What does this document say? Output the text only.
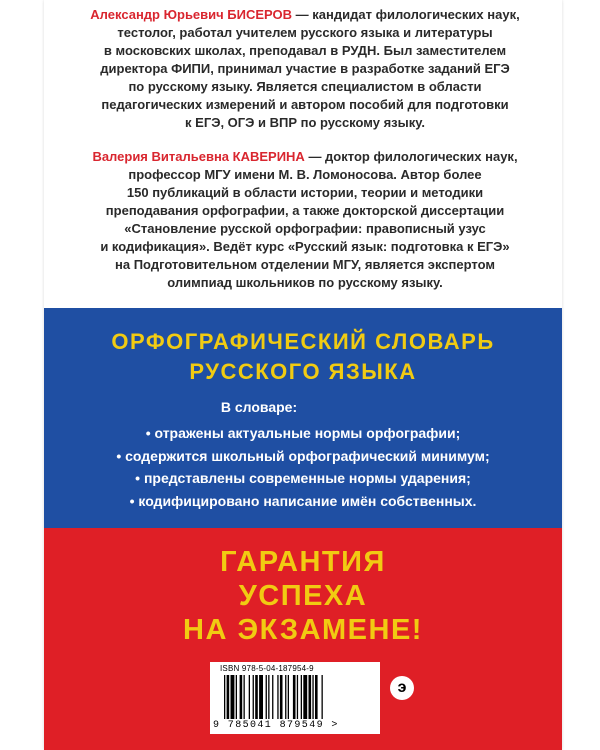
Александр Юрьевич БИСЕРОВ — кандидат филологических наук,
тестолог, работал учителем русского языка и литературы
в московских школах, преподавал в РУДН. Был заместителем
директора ФИПИ, принимал участие в разработке заданий ЕГЭ
по русскому языку. Является специалистом в области
педагогических измерений и автором пособий для подготовки
к ЕГЭ, ОГЭ и ВПР по русскому языку.
Валерия Витальевна КАВЕРИНА — доктор филологических наук,
профессор МГУ имени М. В. Ломоносова. Автор более
150 публикаций в области истории, теории и методики
преподавания орфографии, а также докторской диссертации
«Становление русской орфографии: правописный узус
и кодификация». Ведёт курс «Русский язык: подготовка к ЕГЭ»
на Подготовительном отделении МГУ, является экспертом
олимпиад школьников по русскому языку.
ОРФОГРАФИЧЕСКИЙ СЛОВАРЬ
РУССКОГО ЯЗЫКА
В словаре:
• отражены актуальные нормы орфографии;
• содержится школьный орфографический минимум;
• представлены современные нормы ударения;
• кодифицировано написание имён собственных.
ГАРАНТИЯ
УСПЕХА
НА ЭКЗАМЕНЕ!
ISBN 978-5-04-187954-9
9 785041 879549 >
э
